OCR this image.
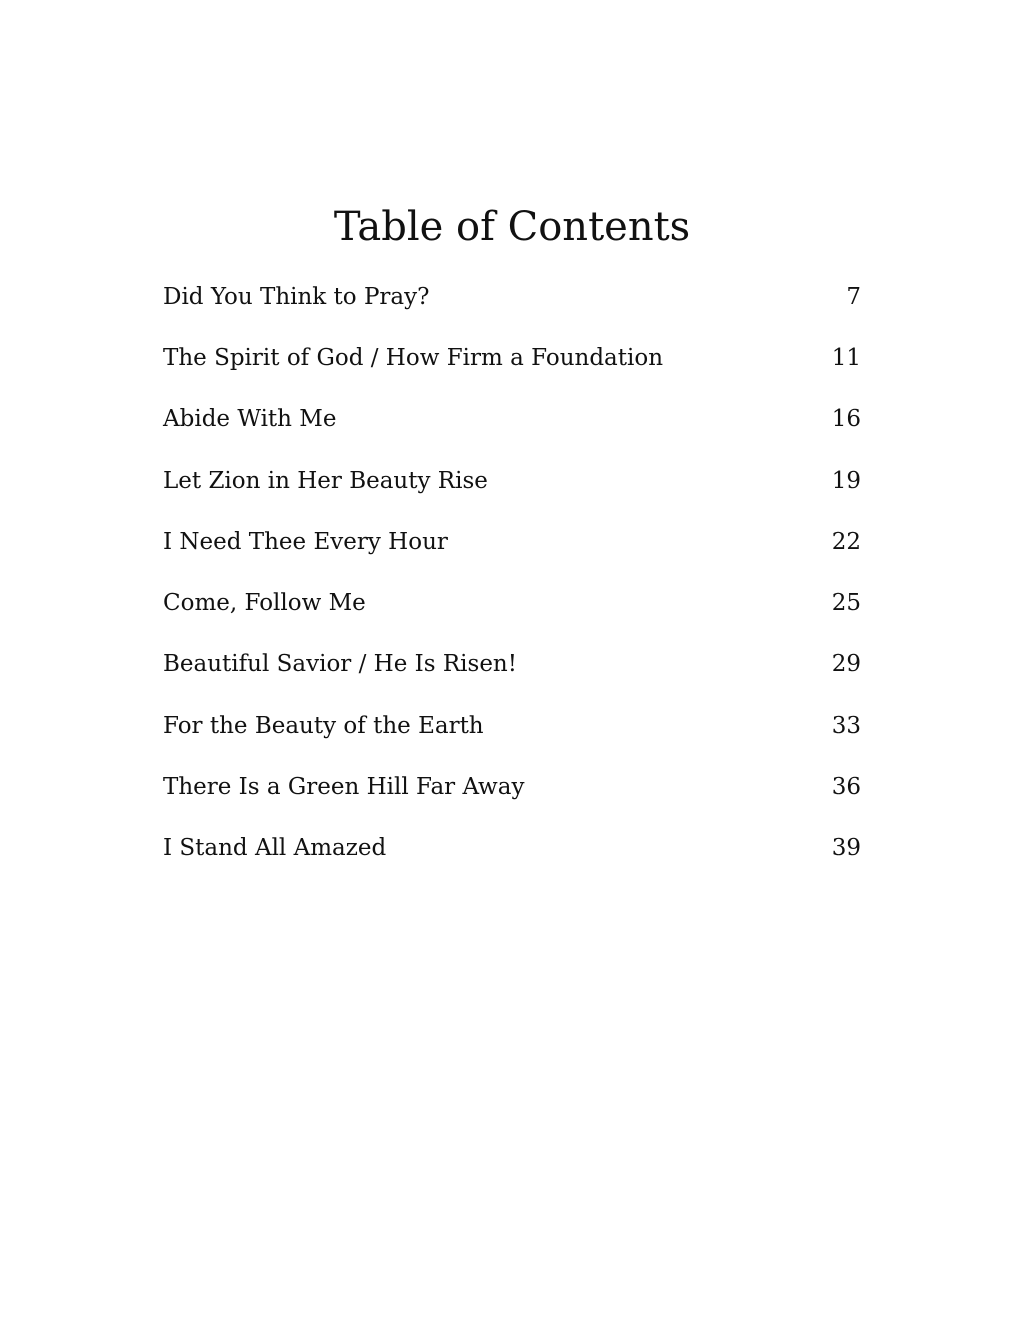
Table of Contents
Did You Think to Pray?	7
The Spirit of God / How Firm a Foundation	11
Abide With Me	16
Let Zion in Her Beauty Rise	19
I Need Thee Every Hour	22
Come, Follow Me	25
Beautiful Savior / He Is Risen!	29
For the Beauty of the Earth	33
There Is a Green Hill Far Away	36
I Stand All Amazed	39
